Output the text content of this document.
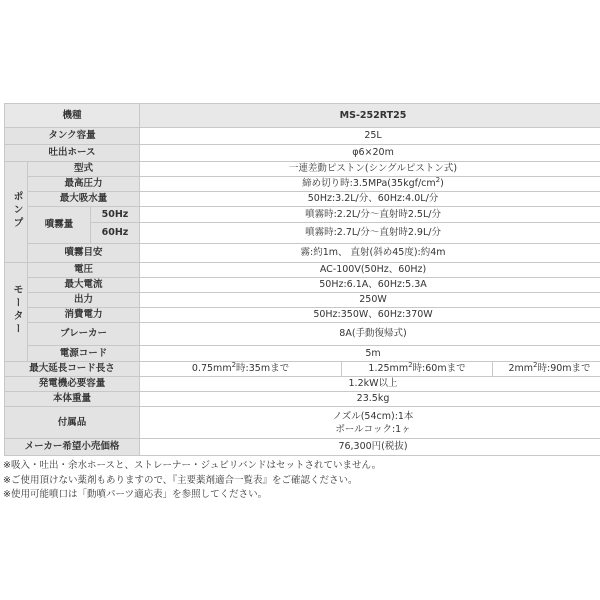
機種			MS-252RT25		
タンク容量			25L		
吐出ホース			φ6×20m		
ポンプ	型式		一連差動ピストン(シングルピストン式)		
	最高圧力		締め切り時$:3.5MPa(35kgf/cm^2)$		
	最大吸水量		50Hz:3.2L/分、60Hz:4.0L/分		
	噴霧量	50Hz	噴霧時:2.2L/分〜直射時2.5L/分		
		60Hz	噴霧時:2.7L/分〜直射時2.9L/分		
	噴霧目安		霧:約1m、 直射(斜め45度):約4m		
モーター	電圧		AC-100V(50Hz、60Hz)		
	最大電流		50Hz:6.1A、60Hz:5.3A		
	出力		250W		
	消費電力		50Hz:350W、60Hz:370W		
	ブレーカー		8A(手動復帰式)		
	電源コード		5m		
最大延長コード長さ			$0.75mm^2$時:35mまで	$1.25mm^2$時:60mまで	$2mm^2$時:90mまで
発電機必要容量			1.2kW以上		
本体重量			23.5kg		
付属品			ノズル(54cm):1本
ボールコック:1ヶ		

メーカー希望小売価格			76,300円(税抜)		
※吸入・吐出・余水ホースと、ストレーナー・ジュビリバンドはセットされていません。
※ご使用頂けない薬剤もありますので、『主要薬剤適合一覧表』をご確認ください。
※使用可能噴口は「動噴パーツ適応表」を参照してください。
